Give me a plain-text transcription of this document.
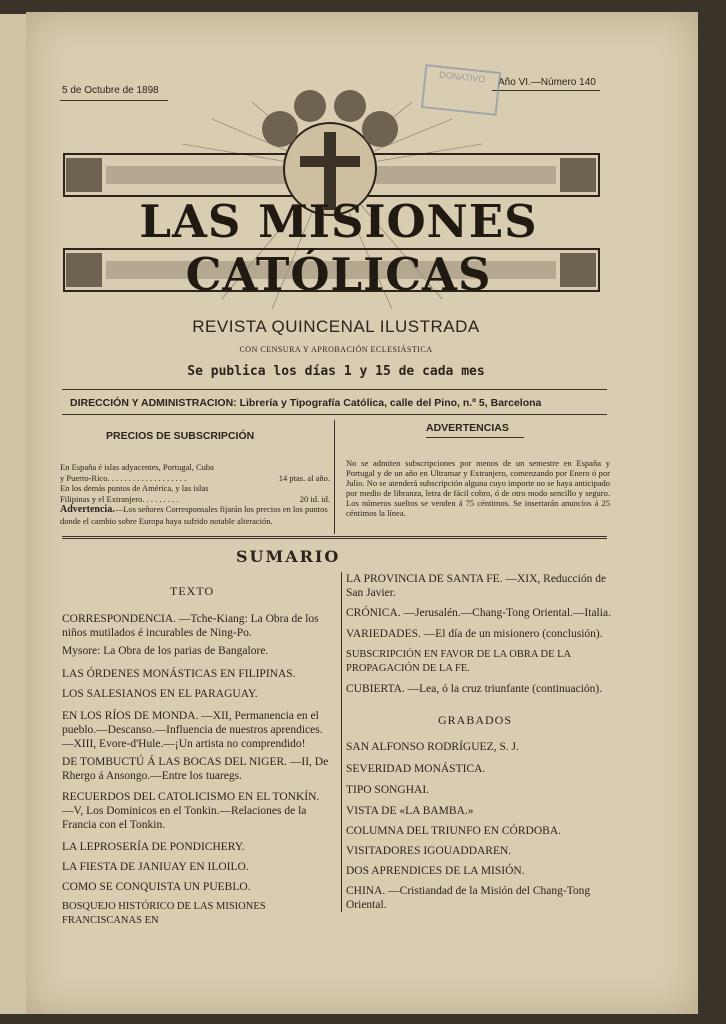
5 de Octubre de 1898
Año VI.—Número 140
DONATIVO
LAS MISIONES CATÓLICAS
REVISTA QUINCENAL ILUSTRADA
CON CENSURA Y APROBACIÓN ECLESIÁSTICA
Se publica los días 1 y 15 de cada mes
DIRECCIÓN Y ADMINISTRACION: Librería y Tipografía Católica, calle del Pino, n.º 5, Barcelona
PRECIOS DE SUBSCRIPCIÓN
En España é islas adyacentes, Portugal, Cuba
y Puerto-Rico. . . . . . . . . . . . . . . . . . .	14 ptas. al año.
En los demás puntos de América, y las islas
Filipinas y el Extranjero. . . . . . . . .	20 id. id.
Advertencia.—Los señores Corresponsales fijarán los precios en los puntos donde el cambio sobre Europa haya sufrido notable alteración.
ADVERTENCIAS
No se admiten subscripciones por menos de un semestre en España y Portugal y de un año en Ultramar y Extranjero, comenzando por Enero ó por Julio. No se atenderá subscripción alguna cuyo importe no se haya anticipado por medio de libranza, letra de fácil cobro, ó de otro modo sencillo y seguro. Los números sueltos se venden á 75 céntimos. Se insertarán anuncios á 25 céntimos la línea.
SUMARIO
TEXTO
CORRESPONDENCIA. —Tche-Kiang: La Obra de los niños mutilados é incurables de Ning-Po.
Mysore: La Obra de los parias de Bangalore.
LAS ÓRDENES MONÁSTICAS EN FILIPINAS.
LOS SALESIANOS EN EL PARAGUAY.
EN LOS RÍOS DE MONDA. —XII, Permanencia en el pueblo.—Descanso.—Influencia de nuestros aprendices. —XIII, Evore-d'Hule.—¡Un artista no comprendido!
DE TOMBUCTÚ Á LAS BOCAS DEL NIGER. —II, De Rhergo á Ansongo.—Entre los tuaregs.
RECUERDOS DEL CATOLICISMO EN EL TONKÍN. —V, Los Dominicos en el Tonkin.—Relaciones de la Francia con el Tonkin.
LA LEPROSERÍA DE PONDICHERY.
LA FIESTA DE JANIUAY EN ILOILO.
COMO SE CONQUISTA UN PUEBLO.
BOSQUEJO HISTÓRICO DE LAS MISIONES FRANCISCANAS EN
LA PROVINCIA DE SANTA FE. —XIX, Reducción de San Javier.
CRÓNICA. —Jerusalén.—Chang-Tong Oriental.—Italia.
VARIEDADES. —El día de un misionero (conclusión).
SUBSCRIPCIÓN EN FAVOR DE LA OBRA DE LA PROPAGACIÓN DE LA FE.
CUBIERTA. —Lea, ó la cruz triunfante (continuación).
GRABADOS
SAN ALFONSO RODRÍGUEZ, S. J.
SEVERIDAD MONÁSTICA.
TIPO SONGHAI.
VISTA DE «LA BAMBA.»
COLUMNA DEL TRIUNFO EN CÓRDOBA.
VISITADORES IGOUADDAREN.
DOS APRENDICES DE LA MISIÓN.
CHINA. —Cristiandad de la Misión del Chang-Tong Oriental.
